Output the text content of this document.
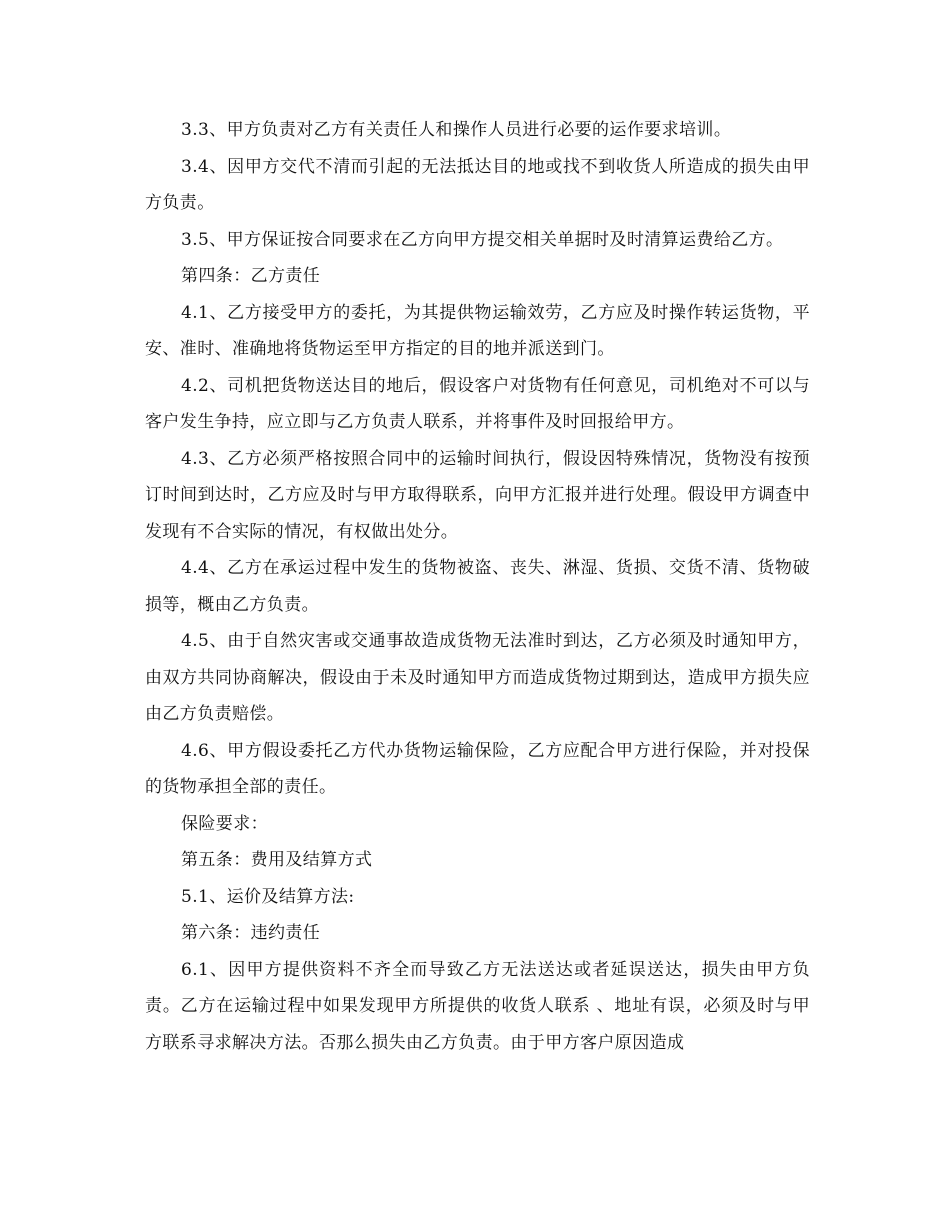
3.3、甲方负责对乙方有关责任人和操作人员进行必要的运作要求培训。

3.4、因甲方交代不清而引起的无法抵达目的地或找不到收货人所造成的损失由甲方负责。

3.5、甲方保证按合同要求在乙方向甲方提交相关单据时及时清算运费给乙方。

第四条：乙方责任

4.1、乙方接受甲方的委托，为其提供物运输效劳，乙方应及时操作转运货物，平安、准时、准确地将货物运至甲方指定的目的地并派送到门。

4.2、司机把货物送达目的地后，假设客户对货物有任何意见，司机绝对不可以与客户发生争持，应立即与乙方负责人联系，并将事件及时回报给甲方。

4.3、乙方必须严格按照合同中的运输时间执行，假设因特殊情况，货物没有按预订时间到达时，乙方应及时与甲方取得联系，向甲方汇报并进行处理。假设甲方调查中发现有不合实际的情况，有权做出处分。

4.4、乙方在承运过程中发生的货物被盗、丧失、淋湿、货损、交货不清、货物破损等，概由乙方负责。

4.5、由于自然灾害或交通事故造成货物无法准时到达，乙方必须及时通知甲方，由双方共同协商解决，假设由于未及时通知甲方而造成货物过期到达，造成甲方损失应由乙方负责赔偿。

4.6、甲方假设委托乙方代办货物运输保险，乙方应配合甲方进行保险，并对投保的货物承担全部的责任。

保险要求：

第五条：费用及结算方式

5.1、运价及结算方法:

第六条：违约责任

6.1、因甲方提供资料不齐全而导致乙方无法送达或者延误送达，损失由甲方负责。乙方在运输过程中如果发现甲方所提供的收货人联系 、地址有误，必须及时与甲方联系寻求解决方法。否那么损失由乙方负责。由于甲方客户原因造成
